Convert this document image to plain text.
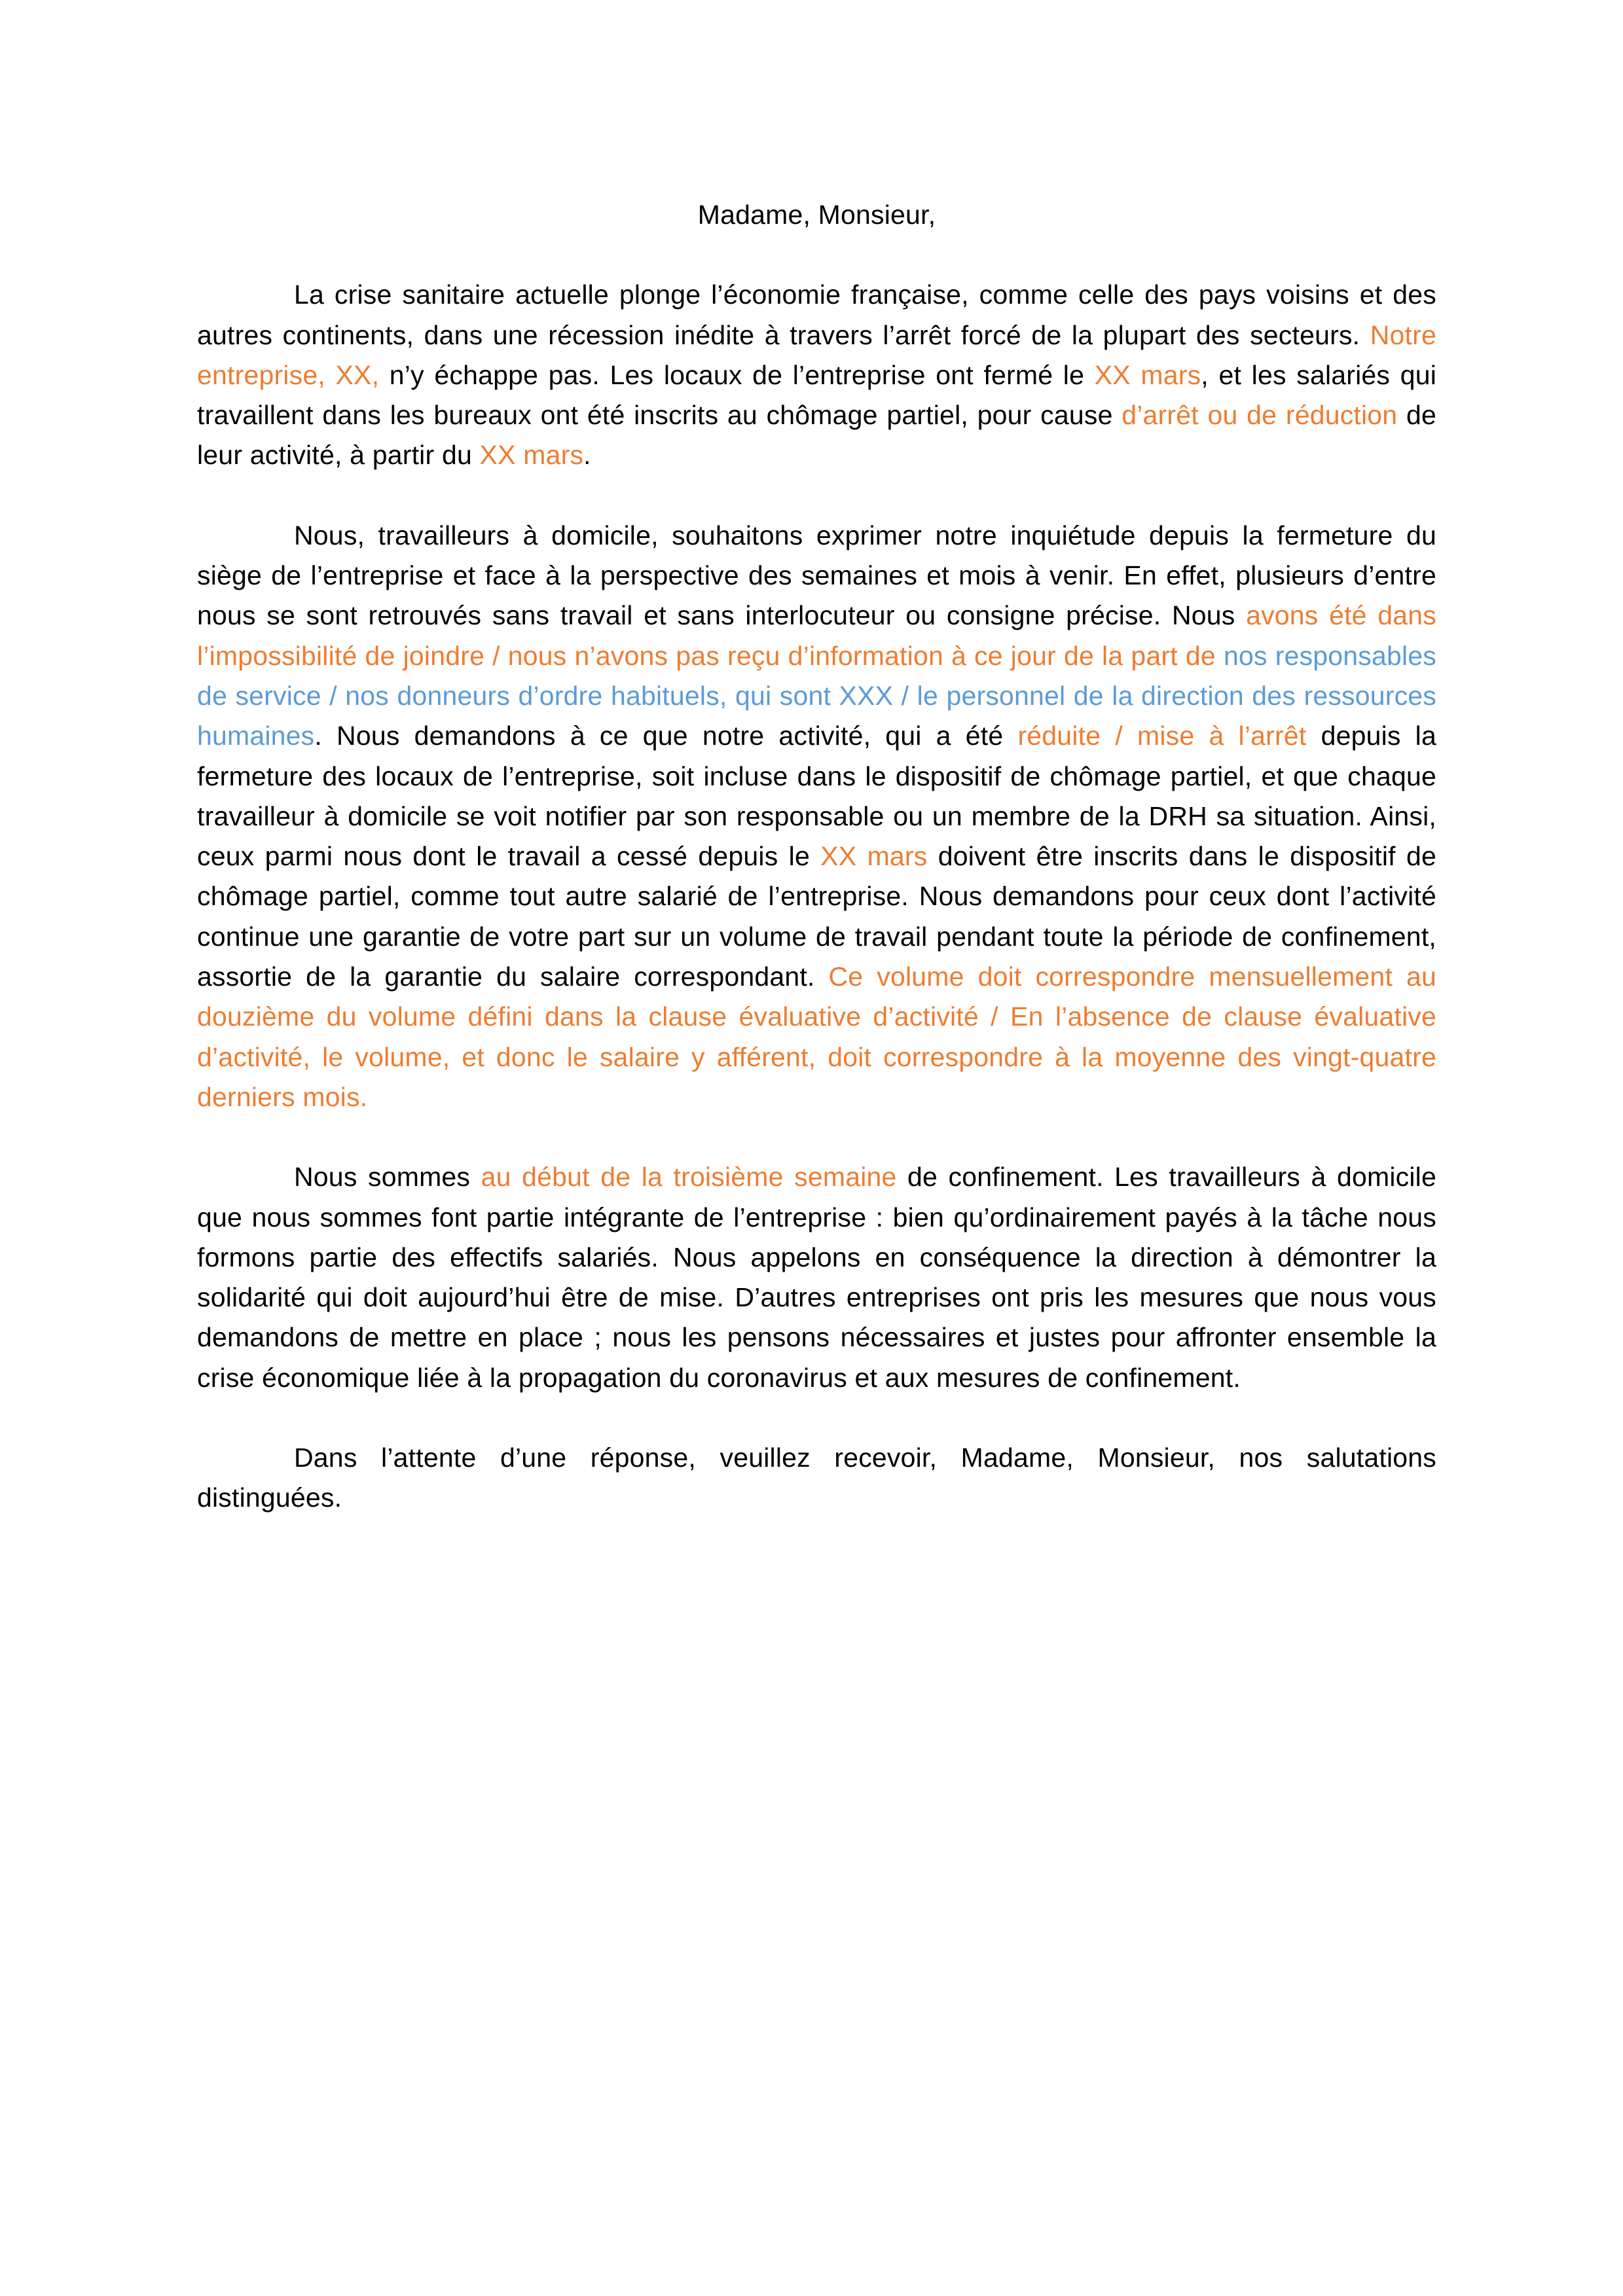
Madame, Monsieur,

La crise sanitaire actuelle plonge l’économie française, comme celle des pays voisins et des autres continents, dans une récession inédite à travers l’arrêt forcé de la plupart des secteurs. Notre entreprise, XX, n’y échappe pas. Les locaux de l’entreprise ont fermé le XX mars, et les salariés qui travaillent dans les bureaux ont été inscrits au chômage partiel, pour cause d’arrêt ou de réduction de leur activité, à partir du XX mars.

Nous, travailleurs à domicile, souhaitons exprimer notre inquiétude depuis la fermeture du siège de l’entreprise et face à la perspective des semaines et mois à venir. En effet, plusieurs d’entre nous se sont retrouvés sans travail et sans interlocuteur ou consigne précise. Nous avons été dans l’impossibilité de joindre / nous n’avons pas reçu d’information à ce jour de la part de nos responsables de service / nos donneurs d’ordre habituels, qui sont XXX / le personnel de la direction des ressources humaines. Nous demandons à ce que notre activité, qui a été réduite / mise à l’arrêt depuis la fermeture des locaux de l’entreprise, soit incluse dans le dispositif de chômage partiel, et que chaque travailleur à domicile se voit notifier par son responsable ou un membre de la DRH sa situation. Ainsi, ceux parmi nous dont le travail a cessé depuis le XX mars doivent être inscrits dans le dispositif de chômage partiel, comme tout autre salarié de l’entreprise. Nous demandons pour ceux dont l’activité continue une garantie de votre part sur un volume de travail pendant toute la période de confinement, assortie de la garantie du salaire correspondant. Ce volume doit correspondre mensuellement au douzième du volume défini dans la clause évaluative d’activité / En l’absence de clause évaluative d’activité, le volume, et donc le salaire y afférent, doit correspondre à la moyenne des vingt-quatre derniers mois.

Nous sommes au début de la troisième semaine de confinement. Les travailleurs à domicile que nous sommes font partie intégrante de l’entreprise : bien qu’ordinairement payés à la tâche nous formons partie des effectifs salariés. Nous appelons en conséquence la direction à démontrer la solidarité qui doit aujourd’hui être de mise. D’autres entreprises ont pris les mesures que nous vous demandons de mettre en place ; nous les pensons nécessaires et justes pour affronter ensemble la crise économique liée à la propagation du coronavirus et aux mesures de confinement.

Dans l’attente d’une réponse, veuillez recevoir, Madame, Monsieur, nos salutations distinguées.
